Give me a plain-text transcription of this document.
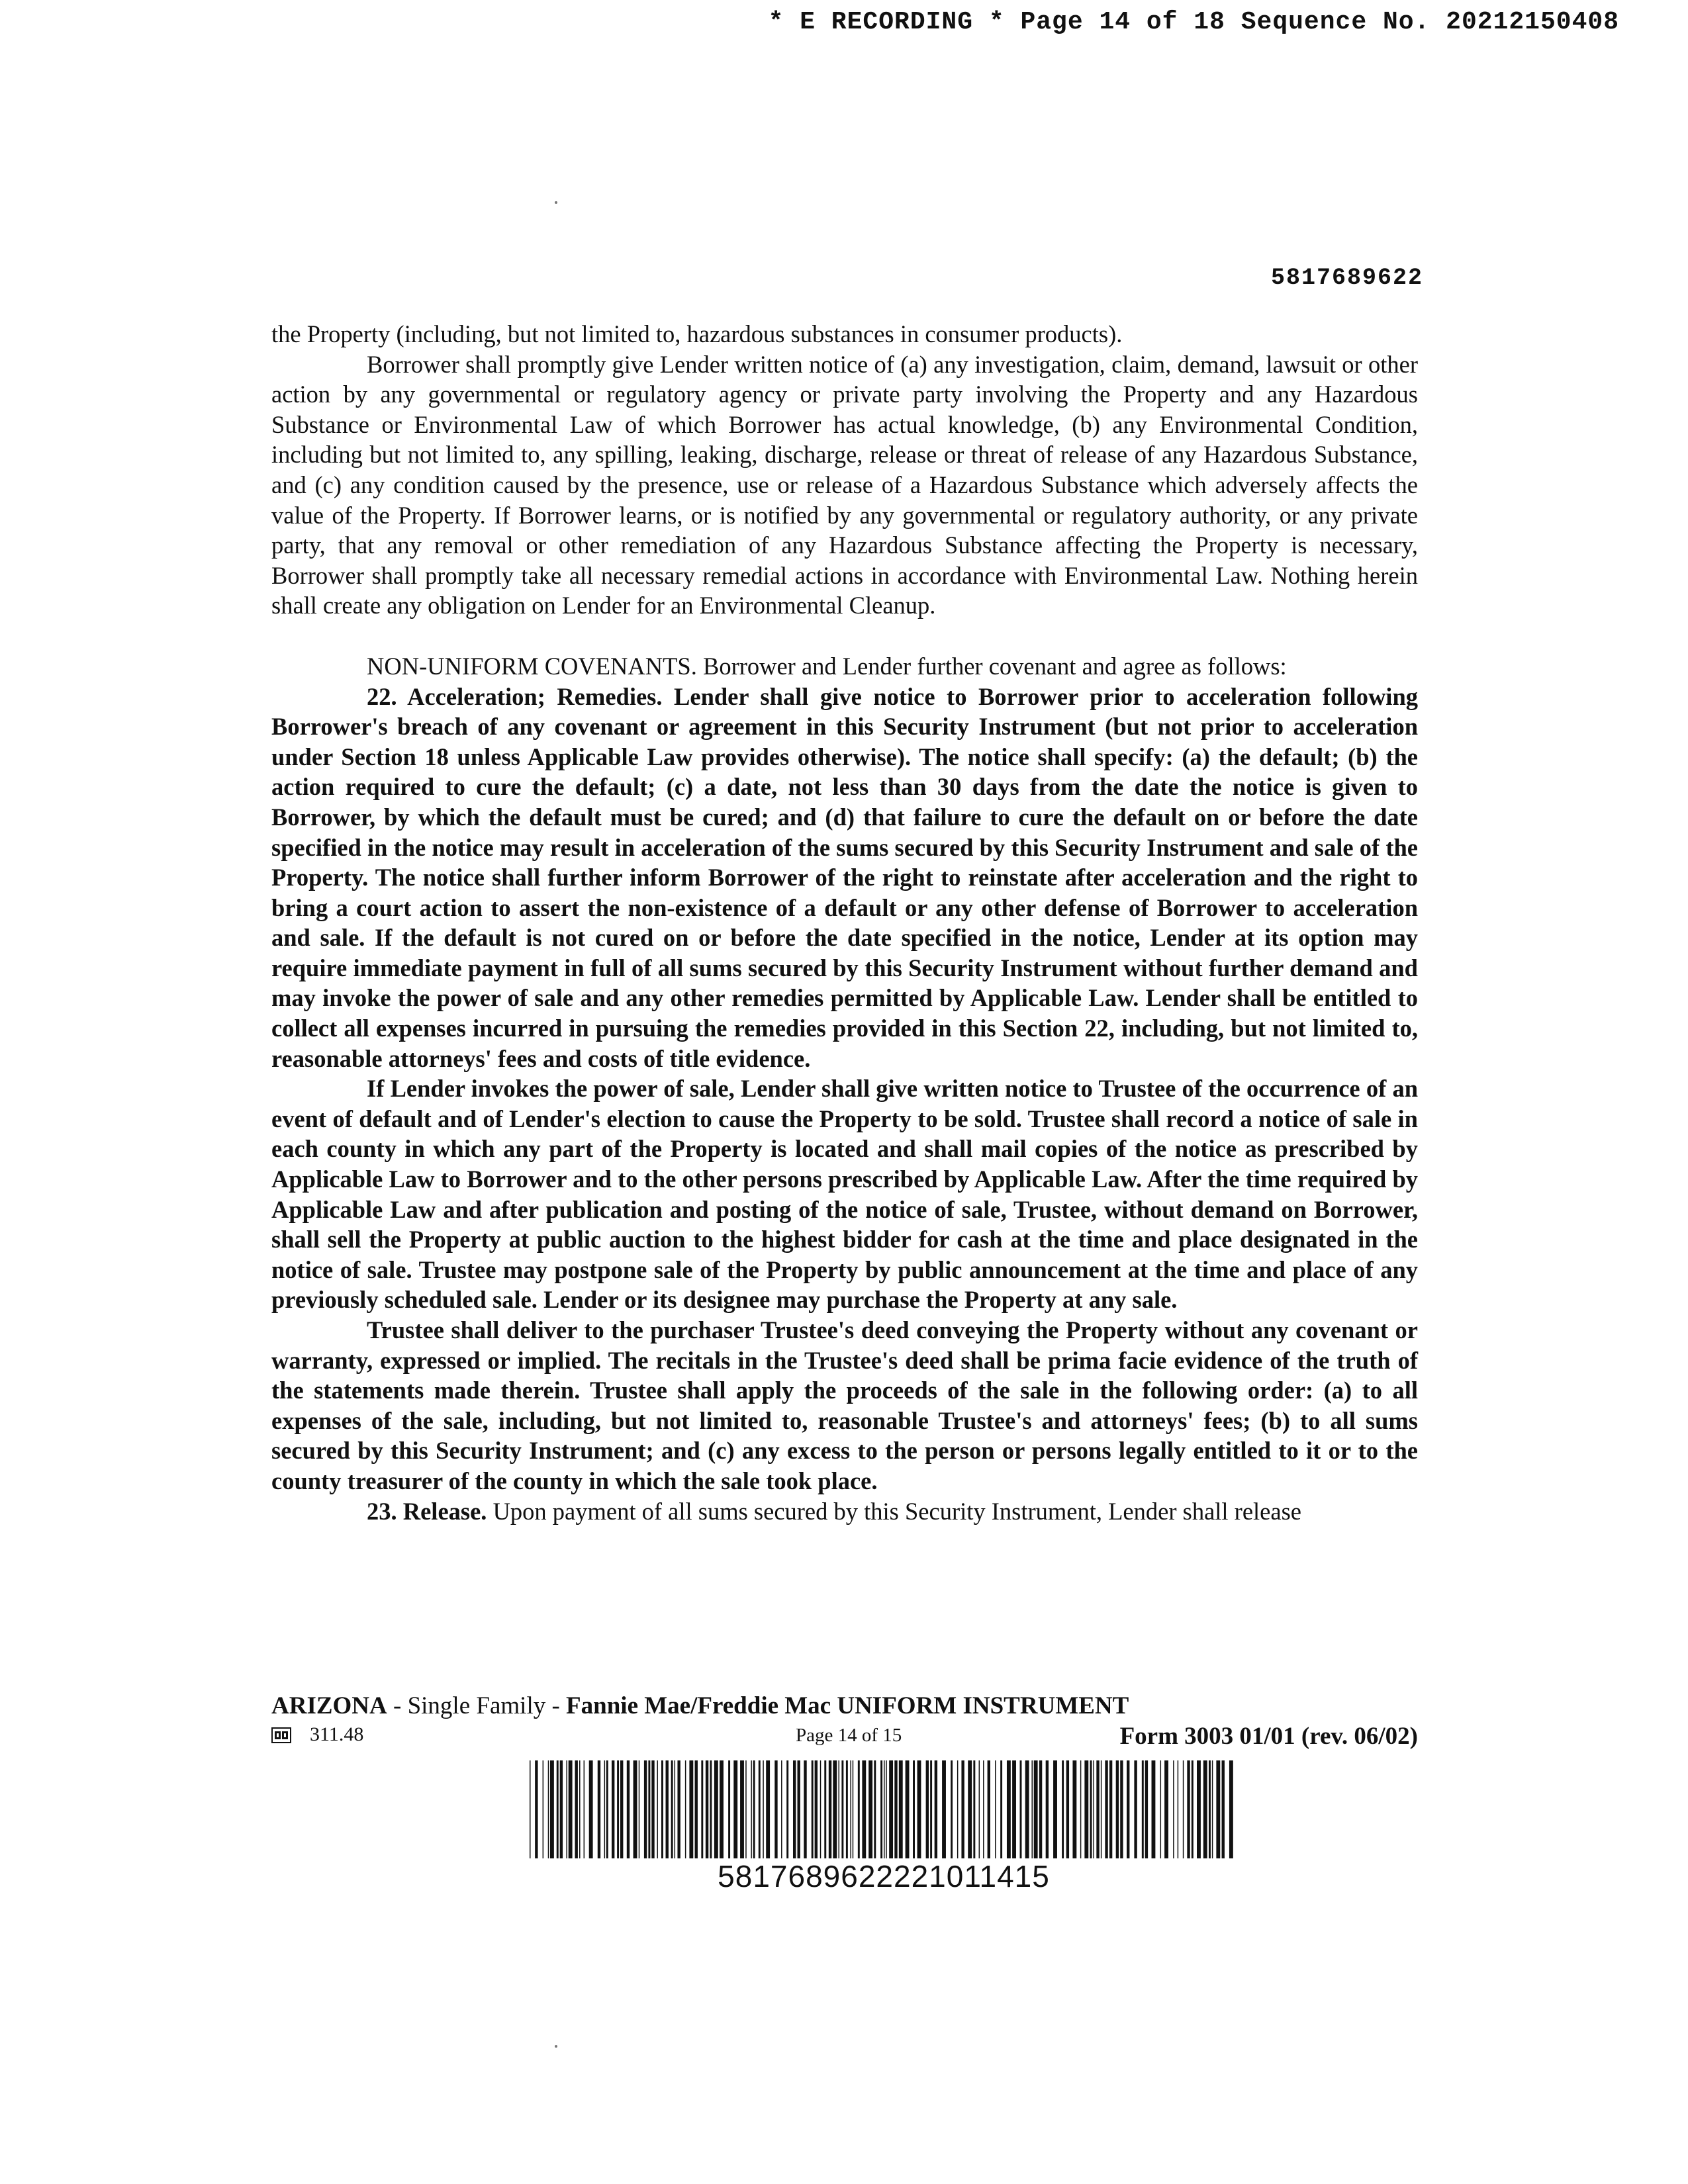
* E RECORDING * Page 14 of 18 Sequence No. 20212150408
5817689622

the Property (including, but not limited to, hazardous substances in consumer products).

Borrower shall promptly give Lender written notice of (a) any investigation, claim, demand, lawsuit or other action by any governmental or regulatory agency or private party involving the Property and any Hazardous Substance or Environmental Law of which Borrower has actual knowledge, (b) any Environmental Condition, including but not limited to, any spilling, leaking, discharge, release or threat of release of any Hazardous Substance, and (c) any condition caused by the presence, use or release of a Hazardous Substance which adversely affects the value of the Property. If Borrower learns, or is notified by any governmental or regulatory authority, or any private party, that any removal or other remediation of any Hazardous Substance affecting the Property is necessary, Borrower shall promptly take all necessary remedial actions in accordance with Environmental Law. Nothing herein shall create any obligation on Lender for an Environmental Cleanup.

NON-UNIFORM COVENANTS. Borrower and Lender further covenant and agree as follows:

22. Acceleration; Remedies. Lender shall give notice to Borrower prior to acceleration following Borrower's breach of any covenant or agreement in this Security Instrument (but not prior to acceleration under Section 18 unless Applicable Law provides otherwise). The notice shall specify: (a) the default; (b) the action required to cure the default; (c) a date, not less than 30 days from the date the notice is given to Borrower, by which the default must be cured; and (d) that failure to cure the default on or before the date specified in the notice may result in acceleration of the sums secured by this Security Instrument and sale of the Property. The notice shall further inform Borrower of the right to reinstate after acceleration and the right to bring a court action to assert the non-existence of a default or any other defense of Borrower to acceleration and sale. If the default is not cured on or before the date specified in the notice, Lender at its option may require immediate payment in full of all sums secured by this Security Instrument without further demand and may invoke the power of sale and any other remedies permitted by Applicable Law. Lender shall be entitled to collect all expenses incurred in pursuing the remedies provided in this Section 22, including, but not limited to, reasonable attorneys' fees and costs of title evidence.

If Lender invokes the power of sale, Lender shall give written notice to Trustee of the occurrence of an event of default and of Lender's election to cause the Property to be sold. Trustee shall record a notice of sale in each county in which any part of the Property is located and shall mail copies of the notice as prescribed by Applicable Law to Borrower and to the other persons prescribed by Applicable Law. After the time required by Applicable Law and after publication and posting of the notice of sale, Trustee, without demand on Borrower, shall sell the Property at public auction to the highest bidder for cash at the time and place designated in the notice of sale. Trustee may postpone sale of the Property by public announcement at the time and place of any previously scheduled sale. Lender or its designee may purchase the Property at any sale.

Trustee shall deliver to the purchaser Trustee's deed conveying the Property without any covenant or warranty, expressed or implied. The recitals in the Trustee's deed shall be prima facie evidence of the truth of the statements made therein. Trustee shall apply the proceeds of the sale in the following order: (a) to all expenses of the sale, including, but not limited to, reasonable Trustee's and attorneys' fees; (b) to all sums secured by this Security Instrument; and (c) any excess to the person or persons legally entitled to it or to the county treasurer of the county in which the sale took place.

23. Release. Upon payment of all sums secured by this Security Instrument, Lender shall release

ARIZONA - Single Family - Fannie Mae/Freddie Mac UNIFORM INSTRUMENT
311.48	Page 14 of 15	Form 3003 01/01 (rev. 06/02)
5817689622221011415
